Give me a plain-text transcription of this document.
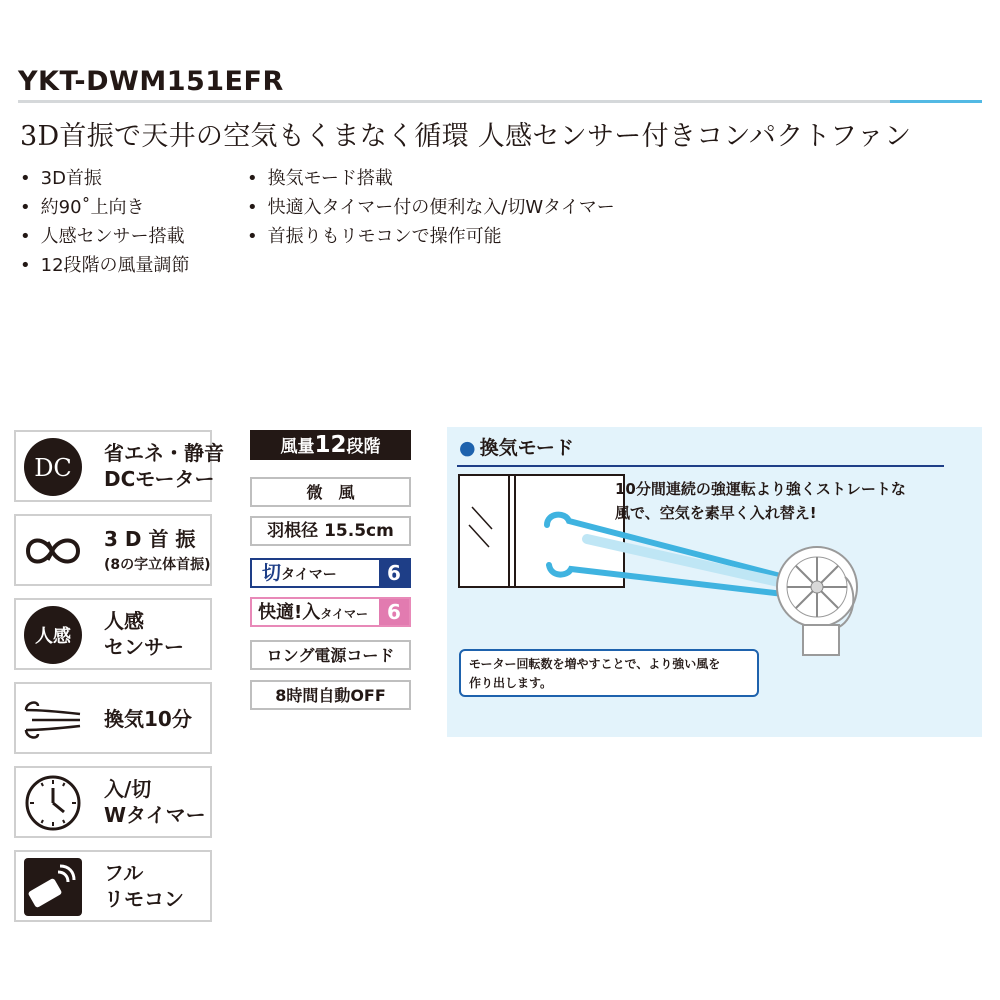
YKT-DWM151EFR
3D首振で天井の空気もくまなく循環 人感センサー付きコンパクトファン
• 3D首振
• 約90˚上向き
• 人感センサー搭載
• 12段階の風量調節
• 換気モード搭載
• 快適入タイマー付の便利な入/切Wタイマー
• 首振りもリモコンで操作可能
DC
省エネ・静音
DCモーター
3 D 首 振
(8の字立体首振)
人感
人感
センサー
換気10分
入/切
Wタイマー
フル
リモコン
風量12段階
微　風
羽根径 15.5cm
切タイマー	6
快適!入タイマー 6
ロング電源コード
8時間自動OFF
● 換気モード
10分間連続の強運転より強くストレートな
風で、空気を素早く入れ替え!
モーター回転数を増やすことで、より強い風を
作り出します。
